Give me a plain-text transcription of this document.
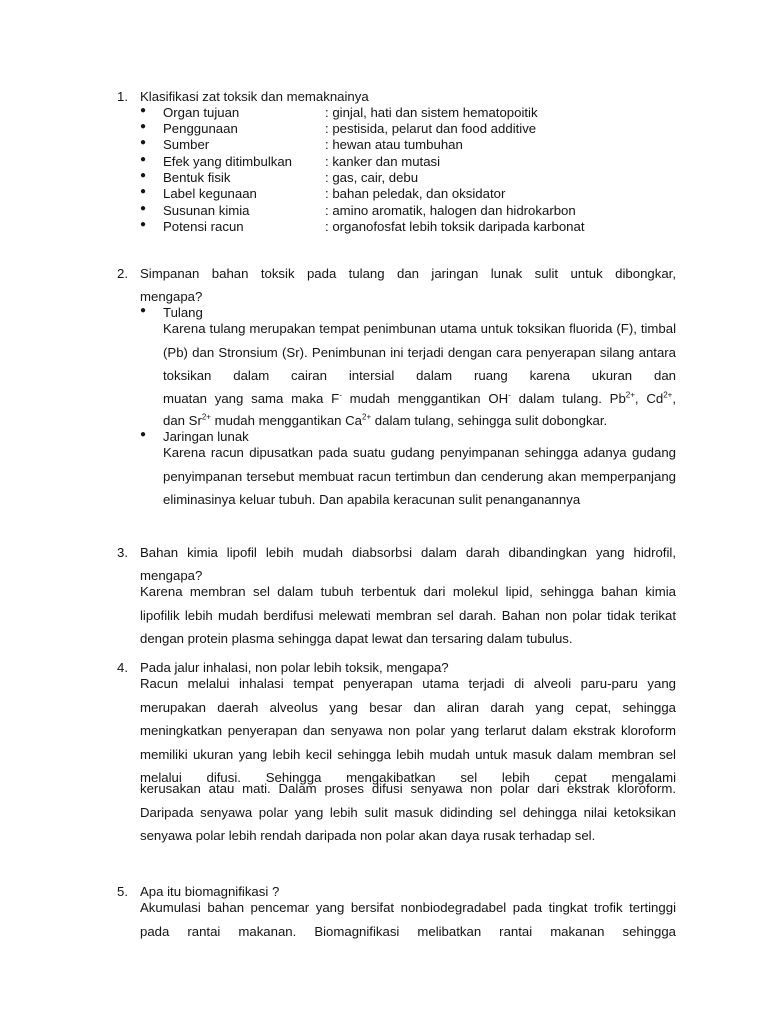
1. Klasifikasi zat toksik dan memaknainya
● Organ tujuan	: ginjal, hati dan sistem hematopoitik
● Penggunaan	: pestisida, pelarut dan food additive
● Sumber	: hewan atau tumbuhan
● Efek yang ditimbulkan : kanker dan mutasi
● Bentuk fisik	: gas, cair, debu
● Label kegunaan	: bahan peledak, dan oksidator
● Susunan kimia	: amino aromatik, halogen dan hidrokarbon
● Potensi racun	: organofosfat lebih toksik daripada karbonat
2. Simpanan bahan toksik pada tulang dan jaringan lunak sulit untuk dibongkar,
mengapa?
● Tulang
Karena tulang merupakan tempat penimbunan utama untuk toksikan fluorida (F), timbal (Pb) dan Stronsium (Sr). Penimbunan ini terjadi dengan cara penyerapan silang antara toksikan dalam cairan intersial dalam ruang karena ukuran dan
muatan yang sama maka F- mudah menggantikan OH- dalam tulang. $Pb^{2+}$, $Cd^{2+}$,
dan $Sr^{2+}$ mudah menggantikan $Ca^{2+}$ dalam tulang, sehingga sulit dobongkar.
● Jaringan lunak
Karena racun dipusatkan pada suatu gudang penyimpanan sehingga adanya gudang penyimpanan tersebut membuat racun tertimbun dan cenderung akan memperpanjang eliminasinya keluar tubuh. Dan apabila keracunan sulit penanganannya
3. Bahan kimia lipofil lebih mudah diabsorbsi dalam darah dibandingkan yang hidrofil,
mengapa?
Karena membran sel dalam tubuh terbentuk dari molekul lipid, sehingga bahan kimia lipofilik lebih mudah berdifusi melewati membran sel darah. Bahan non polar tidak terikat dengan protein plasma sehingga dapat lewat dan tersaring dalam tubulus.
4. Pada jalur inhalasi, non polar lebih toksik, mengapa?
Racun melalui inhalasi tempat penyerapan utama terjadi di alveoli paru-paru yang merupakan daerah alveolus yang besar dan aliran darah yang cepat, sehingga meningkatkan penyerapan dan senyawa non polar yang terlarut dalam ekstrak kloroform memiliki ukuran yang lebih kecil sehingga lebih mudah untuk masuk dalam membran sel melalui difusi. Sehingga mengakibatkan sel lebih cepat mengalami
kerusakan atau mati. Dalam proses difusi senyawa non polar dari ekstrak kloroform. Daripada senyawa polar yang lebih sulit masuk didinding sel dehingga nilai ketoksikan senyawa polar lebih rendah daripada non polar akan daya rusak terhadap sel.
5. Apa itu biomagnifikasi ?
Akumulasi bahan pencemar yang bersifat nonbiodegradabel pada tingkat trofik tertinggi pada rantai makanan. Biomagnifikasi melibatkan rantai makanan sehingga
